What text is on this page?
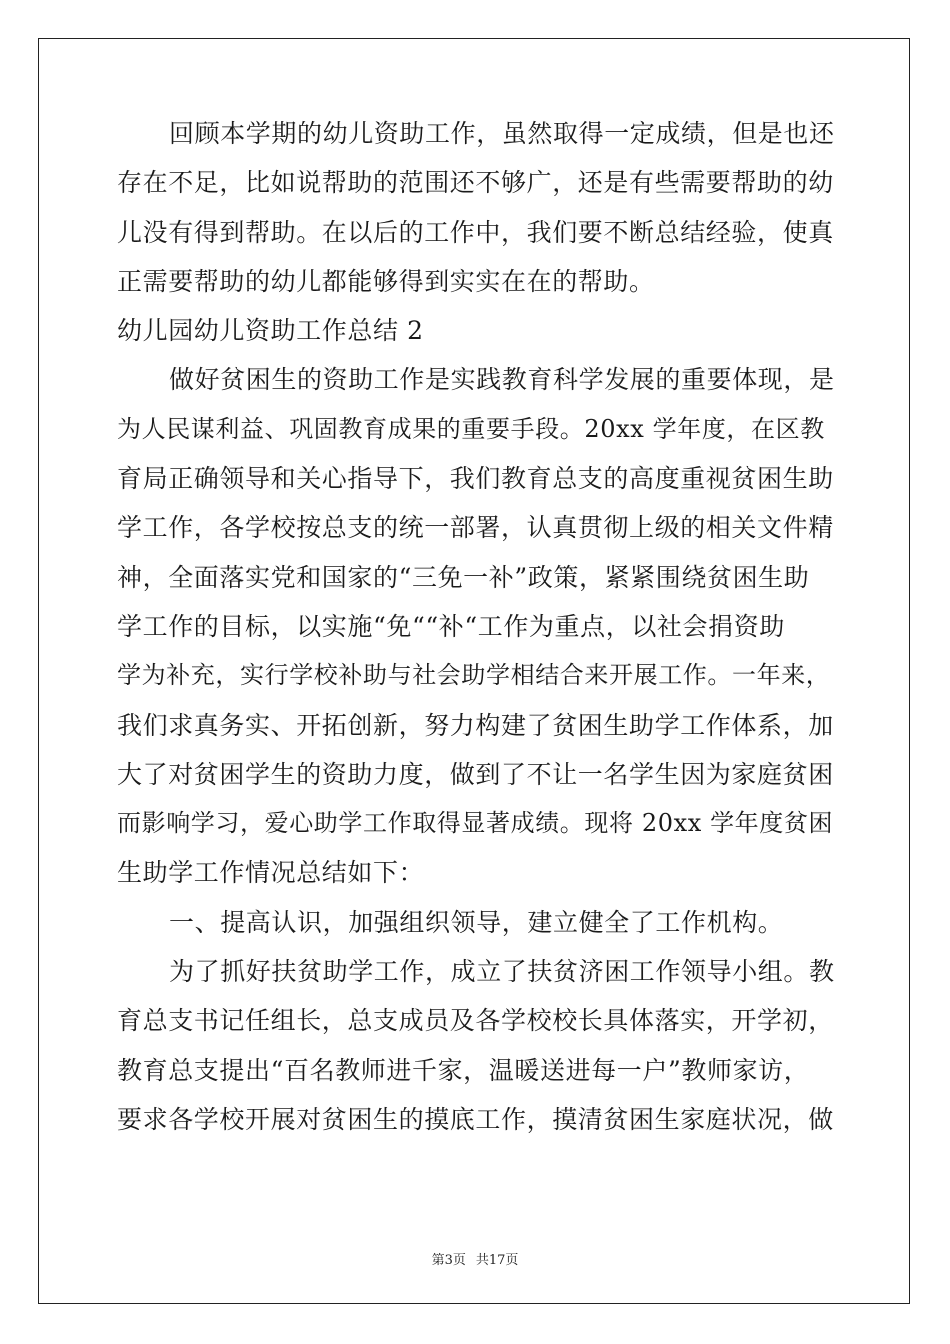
回顾本学期的幼儿资助工作，虽然取得一定成绩，但是也还
存在不足，比如说帮助的范围还不够广，还是有些需要帮助的幼
儿没有得到帮助。在以后的工作中，我们要不断总结经验，使真
正需要帮助的幼儿都能够得到实实在在的帮助。
幼儿园幼儿资助工作总结 2
做好贫困生的资助工作是实践教育科学发展的重要体现，是
为人民谋利益、巩固教育成果的重要手段。20xx 学年度，在区教
育局正确领导和关心指导下，我们教育总支的高度重视贫困生助
学工作，各学校按总支的统一部署，认真贯彻上级的相关文件精
神，全面落实党和国家的“三免一补”政策，紧紧围绕贫困生助
学工作的目标，以实施“免““补“工作为重点，以社会捐资助
学为补充，实行学校补助与社会助学相结合来开展工作。一年来，
我们求真务实、开拓创新，努力构建了贫困生助学工作体系，加
大了对贫困学生的资助力度，做到了不让一名学生因为家庭贫困
而影响学习，爱心助学工作取得显著成绩。现将 20xx 学年度贫困
生助学工作情况总结如下：
一、提高认识，加强组织领导，建立健全了工作机构。
为了抓好扶贫助学工作，成立了扶贫济困工作领导小组。教
育总支书记任组长，总支成员及各学校校长具体落实，开学初，
教育总支提出“百名教师进千家，温暖送进每一户”教师家访，
要求各学校开展对贫困生的摸底工作，摸清贫困生家庭状况，做
第3页 共17页
